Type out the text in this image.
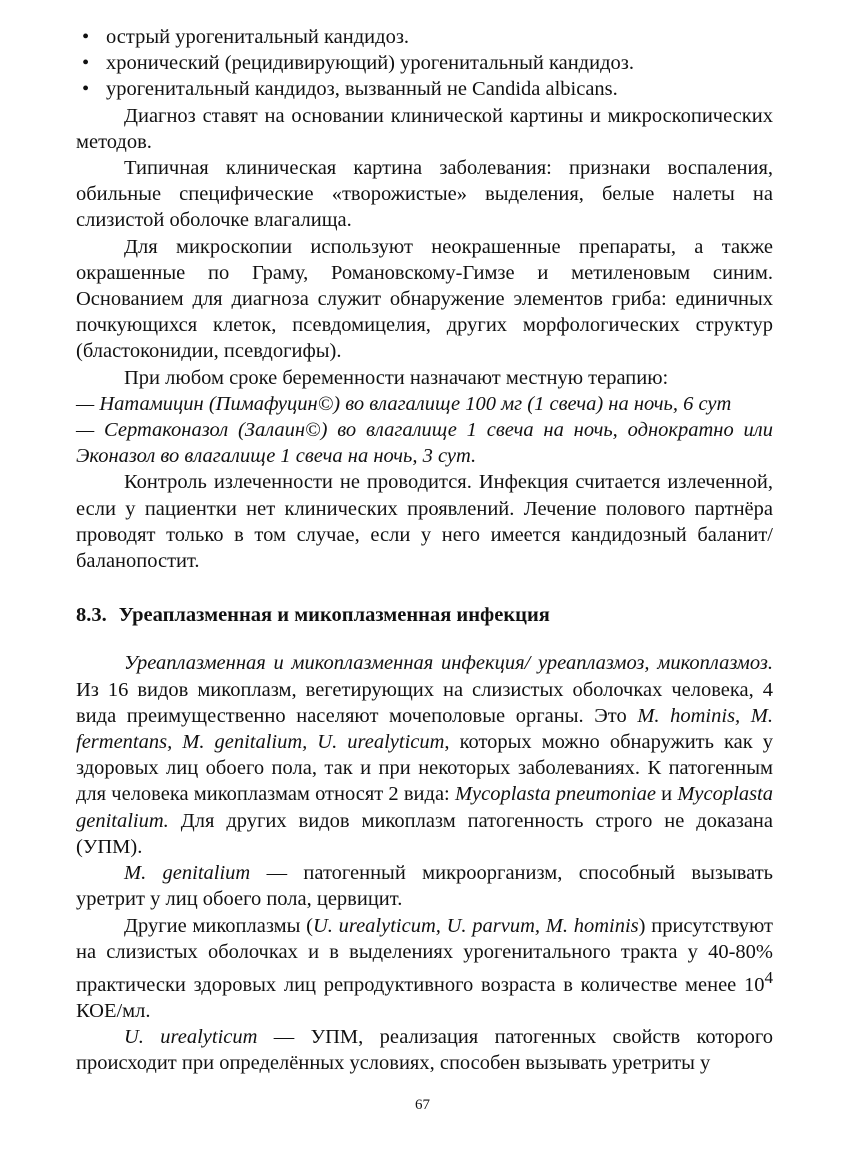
• острый урогенитальный кандидоз.
• хронический (рецидивирующий) урогенитальный кандидоз.
• урогенитальный кандидоз, вызванный не Candida albicans.

Диагноз ставят на основании клинической картины и микроскопических методов.

Типичная клиническая картина заболевания: признаки воспаления, обильные специфические «творожистые» выделения, белые налеты на слизистой оболочке влагалища.

Для микроскопии используют неокрашенные препараты, а также окрашенные по Граму, Романовскому-Гимзе и метиленовым синим. Основанием для диагноза служит обнаружение элементов гриба: единичных почкующихся клеток, псевдомицелия, других морфологических структур (бластоконидии, псевдогифы).

При любом сроке беременности назначают местную терапию:

— Натамицин (Пимафуцин©) во влагалище 100 мг (1 свеча) на ночь, 6 сут

— Сертаконазол (Залаин©) во влагалище 1 свеча на ночь, однократно или Эконазол во влагалище 1 свеча на ночь, 3 сут.

Контроль излеченности не проводится. Инфекция считается излеченной, если у пациентки нет клинических проявлений. Лечение полового партнёра проводят только в том случае, если у него имеется кандидозный баланит/баланопостит.

8.3. Уреаплазменная и микоплазменная инфекция

Уреаплазменная и микоплазменная инфекция/ уреаплазмоз, микоплазмоз. Из 16 видов микоплазм, вегетирующих на слизистых оболочках человека, 4 вида преимущественно населяют мочеполовые органы. Это M. hominis, M. fermentans, M. genitalium, U. urealyticum, которых можно обнаружить как у здоровых лиц обоего пола, так и при некоторых заболеваниях. К патогенным для человека микоплазмам относят 2 вида: Mycoplasta pneumoniae и Mycoplasta genitalium. Для других видов микоплазм патогенность строго не доказана (УПМ).

M. genitalium — патогенный микроорганизм, способный вызывать уретрит у лиц обоего пола, цервицит.

Другие микоплазмы (U. urealyticum, U. parvum, M. hominis) присутствуют на слизистых оболочках и в выделениях урогенитального тракта у 40-80% практически здоровых лиц репродуктивного возраста в количестве менее $10^4$ КОЕ/мл.

U. urealyticum — УПМ, реализация патогенных свойств которого происходит при определённых условиях, способен вызывать уретриты у

67
